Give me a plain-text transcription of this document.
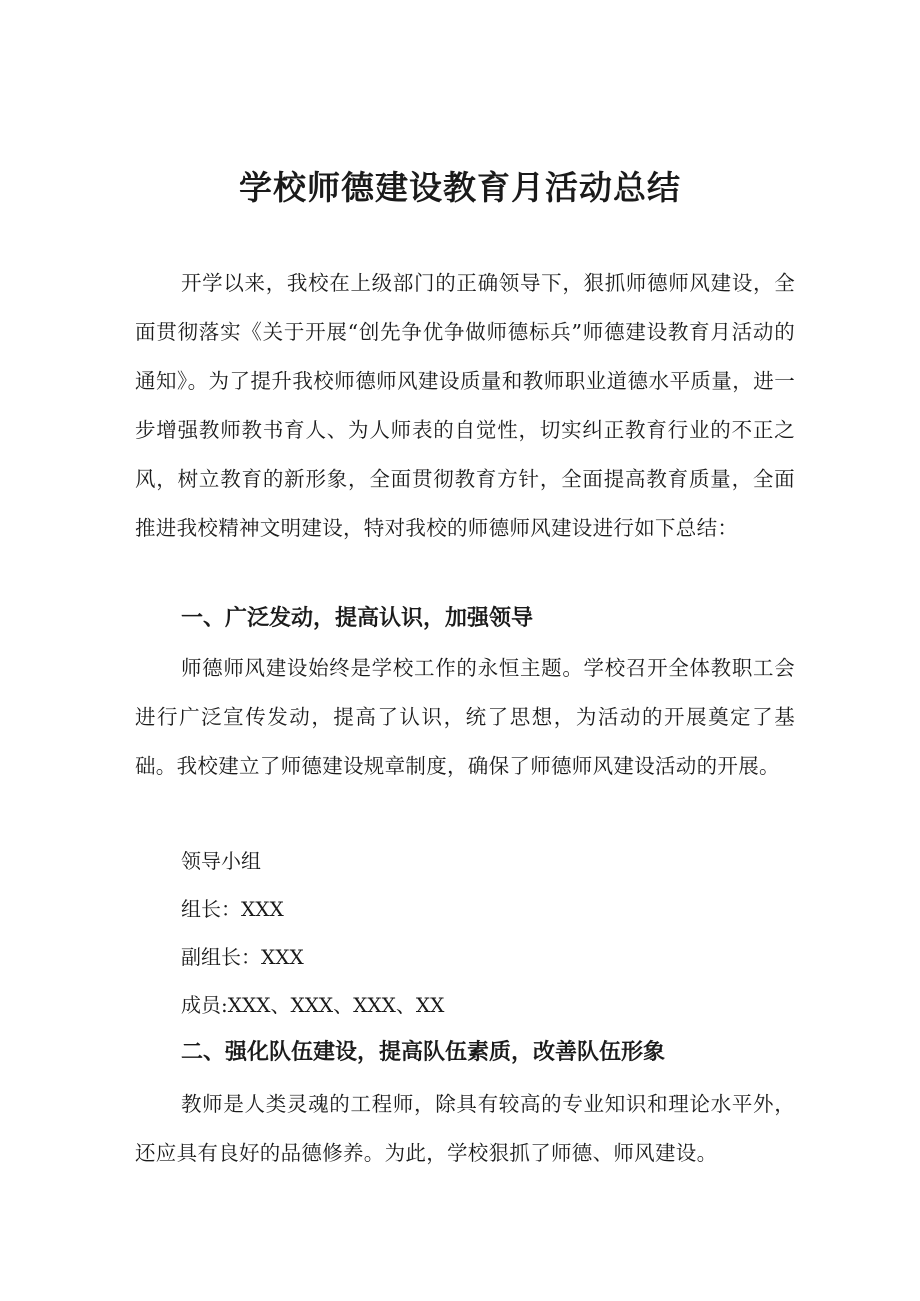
学校师德建设教育月活动总结

开学以来，我校在上级部门的正确领导下，狠抓师德师风建设，全面贯彻落实《关于开展“创先争优争做师德标兵”师德建设教育月活动的通知》。为了提升我校师德师风建设质量和教师职业道德水平质量，进一步增强教师教书育人、为人师表的自觉性，切实纠正教育行业的不正之风，树立教育的新形象，全面贯彻教育方针，全面提高教育质量，全面推进我校精神文明建设，特对我校的师德师风建设进行如下总结：

一、广泛发动，提高认识，加强领导

师德师风建设始终是学校工作的永恒主题。学校召开全体教职工会进行广泛宣传发动，提高了认识，统了思想，为活动的开展奠定了基础。我校建立了师德建设规章制度，确保了师德师风建设活动的开展。

领导小组

组长：XXX

副组长：XXX

成员:XXX、XXX、XXX、XX

二、强化队伍建设，提高队伍素质，改善队伍形象

教师是人类灵魂的工程师，除具有较高的专业知识和理论水平外，还应具有良好的品德修养。为此，学校狠抓了师德、师风建设。
